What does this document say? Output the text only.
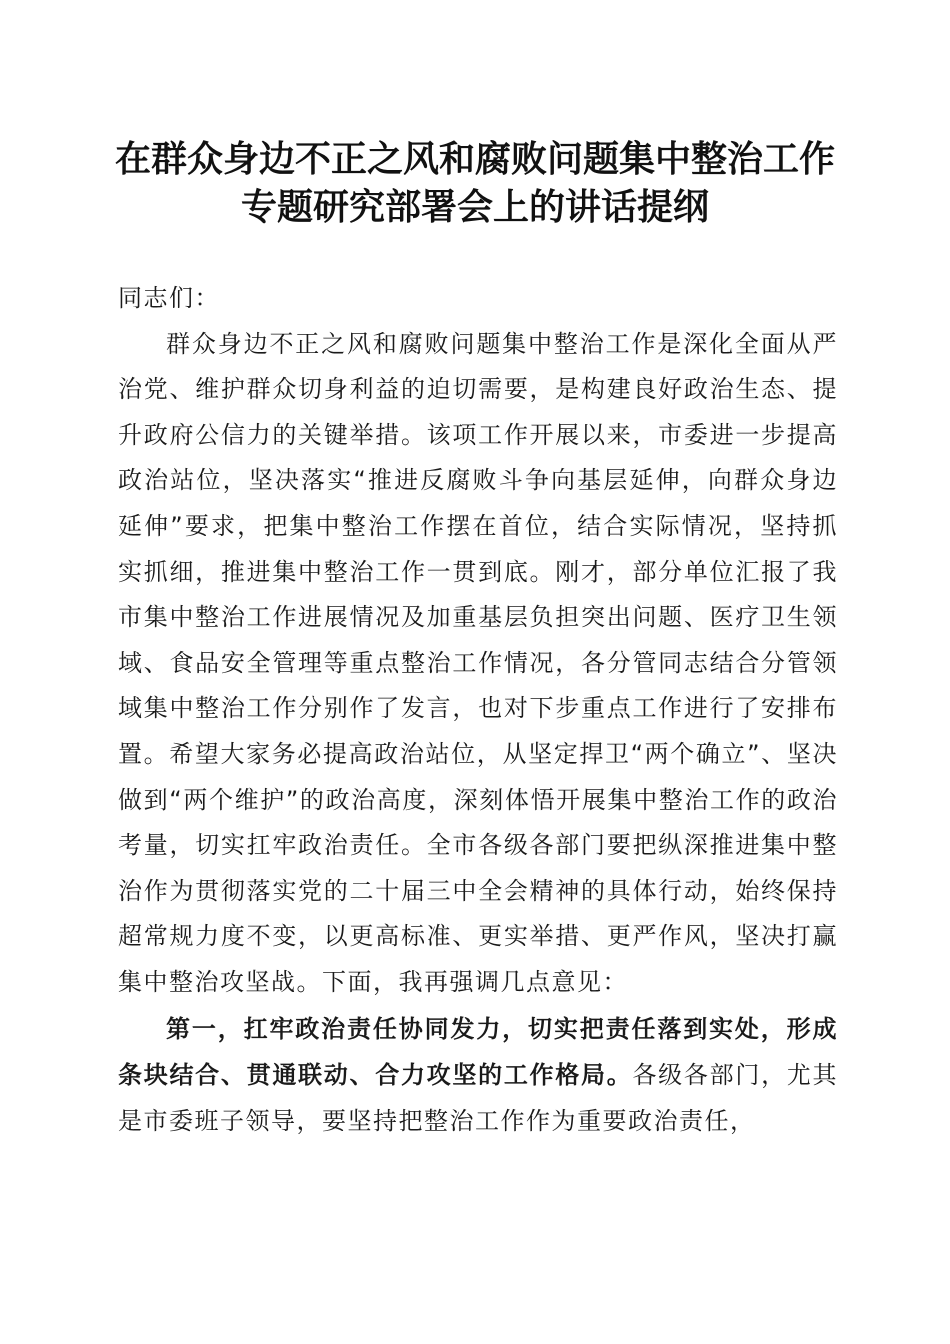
在群众身边不正之风和腐败问题集中整治工作
专题研究部署会上的讲话提纲

同志们：

群众身边不正之风和腐败问题集中整治工作是深化全面从严治党、维护群众切身利益的迫切需要，是构建良好政治生态、提升政府公信力的关键举措。该项工作开展以来，市委进一步提高政治站位，坚决落实“推进反腐败斗争向基层延伸，向群众身边延伸”要求，把集中整治工作摆在首位，结合实际情况，坚持抓实抓细，推进集中整治工作一贯到底。刚才，部分单位汇报了我市集中整治工作进展情况及加重基层负担突出问题、医疗卫生领域、食品安全管理等重点整治工作情况，各分管同志结合分管领域集中整治工作分别作了发言，也对下步重点工作进行了安排布置。希望大家务必提高政治站位，从坚定捍卫“两个确立”、坚决做到“两个维护”的政治高度，深刻体悟开展集中整治工作的政治考量，切实扛牢政治责任。全市各级各部门要把纵深推进集中整治作为贯彻落实党的二十届三中全会精神的具体行动，始终保持超常规力度不变，以更高标准、更实举措、更严作风，坚决打赢集中整治攻坚战。下面，我再强调几点意见：

第一，扛牢政治责任协同发力，切实把责任落到实处，形成条块结合、贯通联动、合力攻坚的工作格局。各级各部门，尤其是市委班子领导，要坚持把整治工作作为重要政治责任，
